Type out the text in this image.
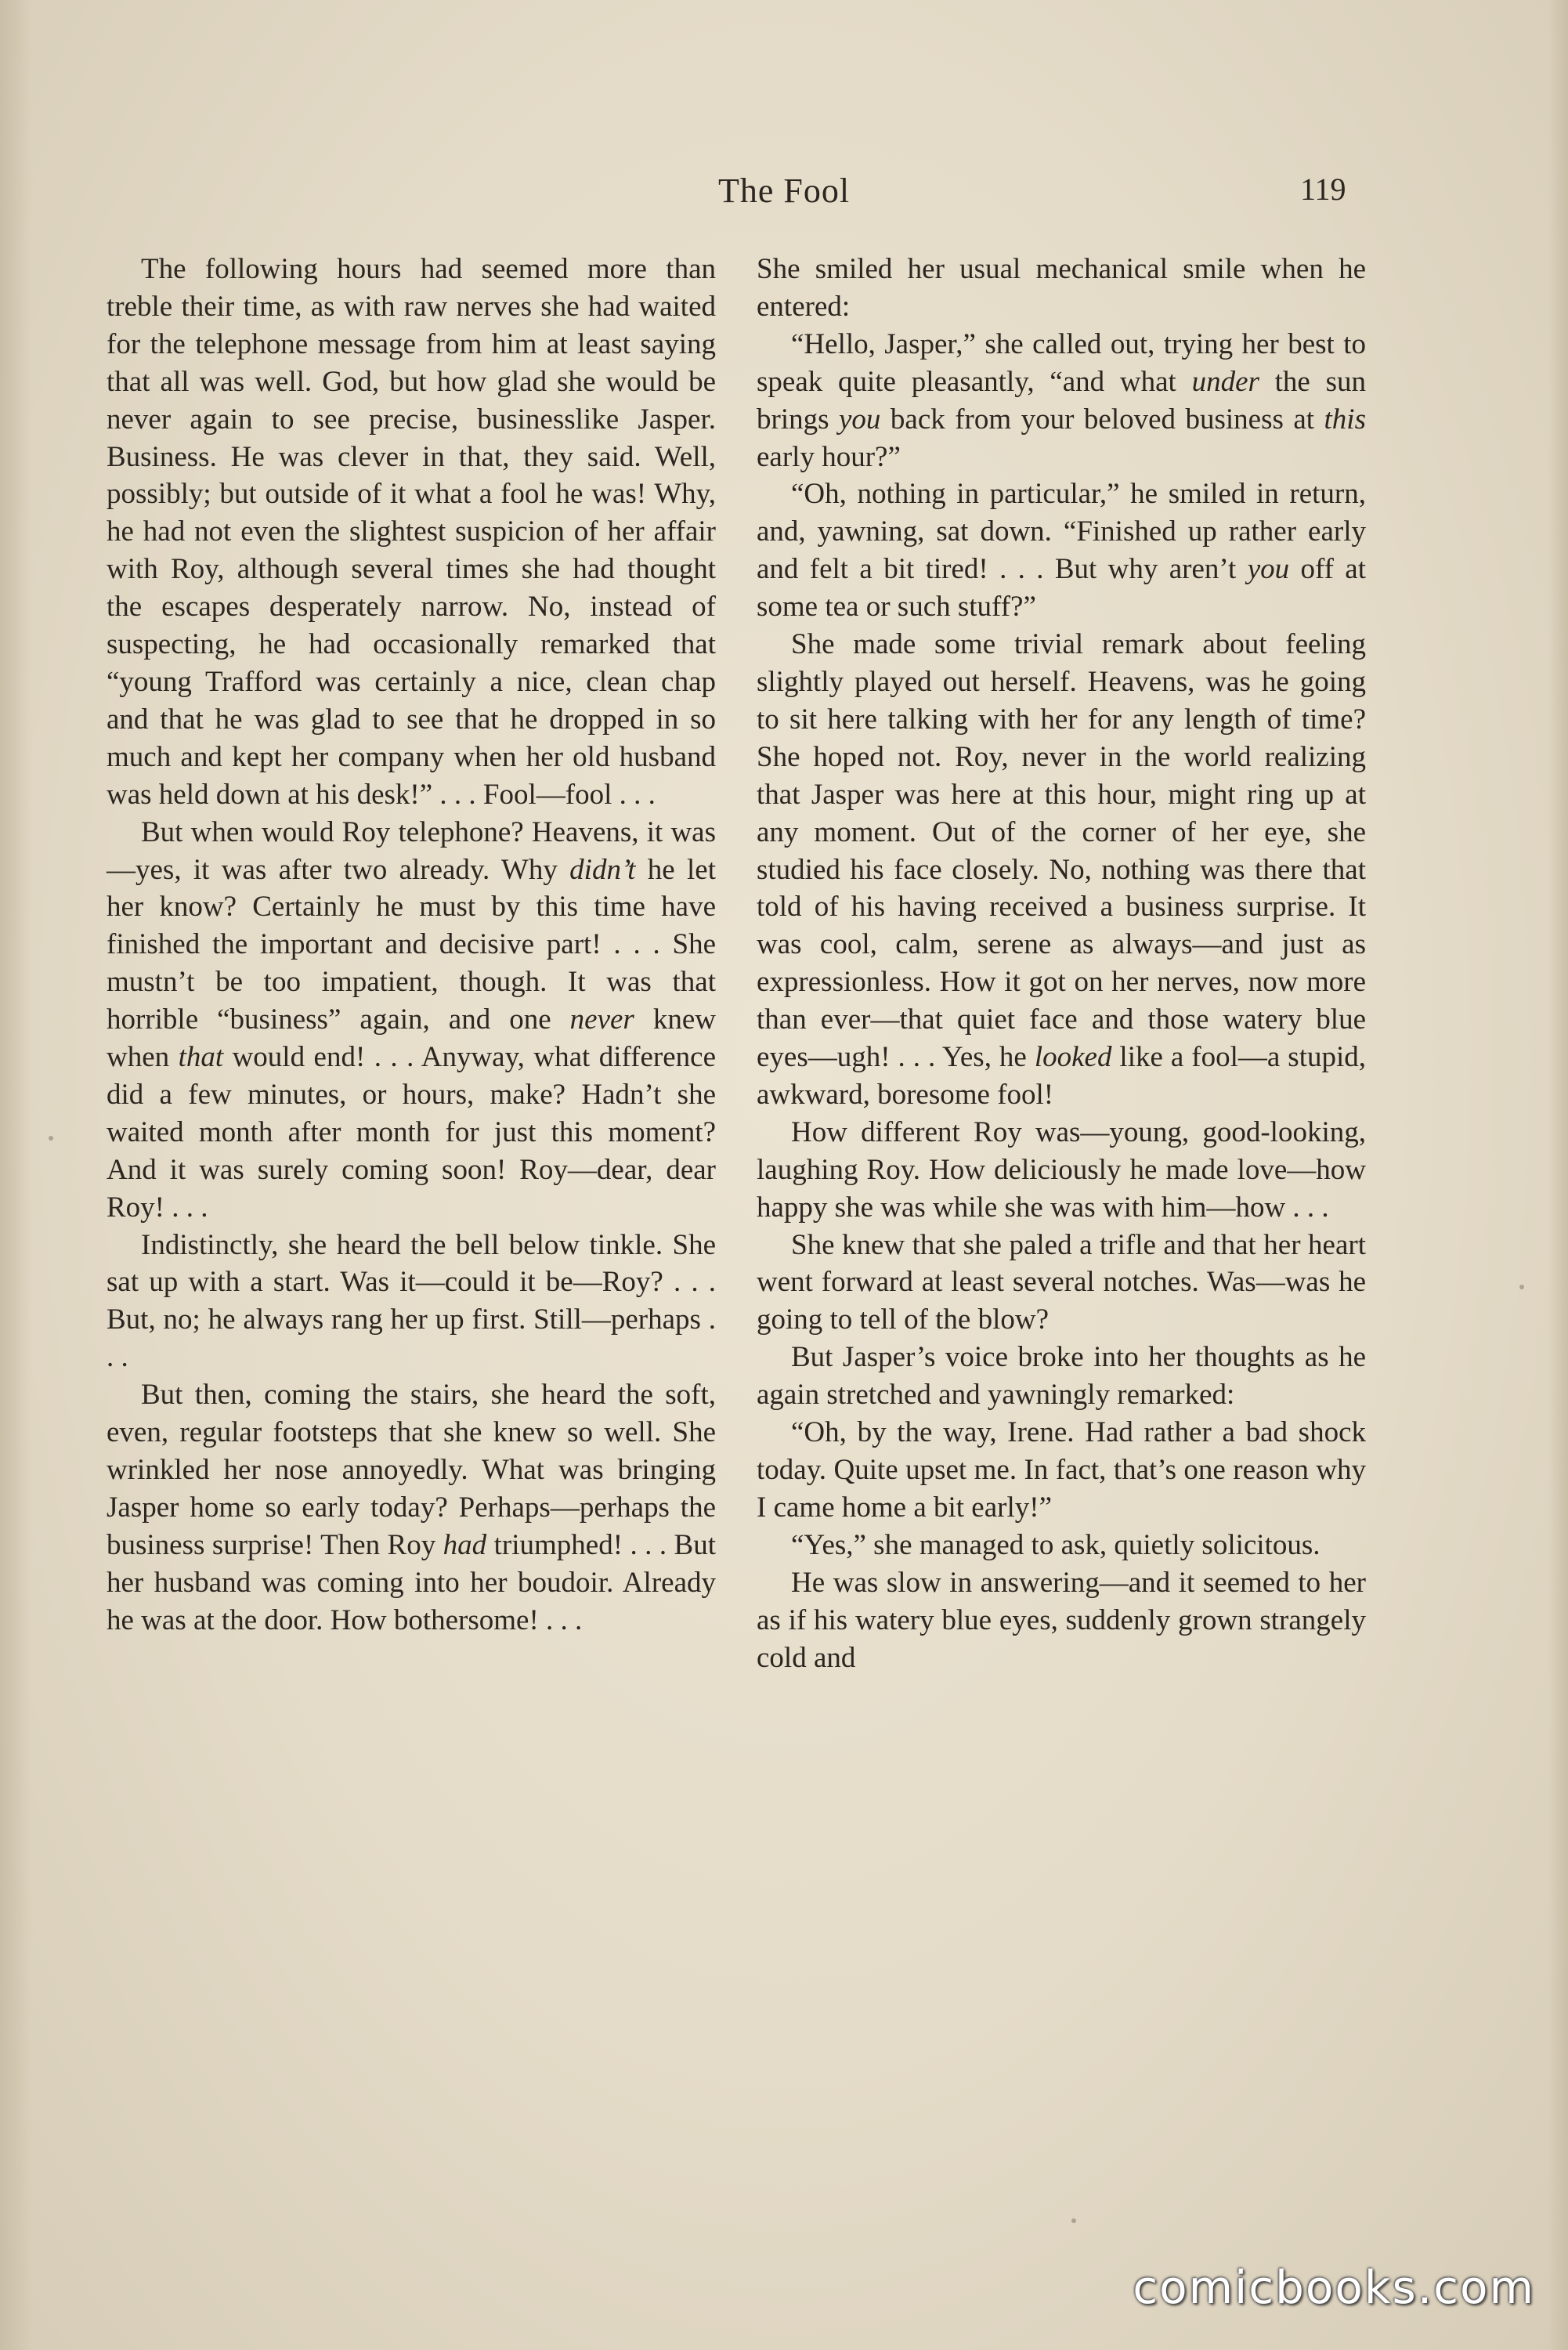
The Fool	119

The following hours had seemed more than treble their time, as with raw nerves she had waited for the telephone message from him at least saying that all was well. God, but how glad she would be never again to see precise, businesslike Jasper. Business. He was clever in that, they said. Well, possibly; but outside of it what a fool he was! Why, he had not even the slightest suspicion of her affair with Roy, although several times she had thought the escapes desperately narrow. No, instead of suspecting, he had occasionally remarked that “young Trafford was certainly a nice, clean chap and that he was glad to see that he dropped in so much and kept her company when her old husband was held down at his desk!” . . . Fool—fool . . .

But when would Roy telephone? Heavens, it was—yes, it was after two already. Why didn’t he let her know? Certainly he must by this time have finished the important and decisive part! . . . She mustn’t be too impatient, though. It was that horrible “business” again, and one never knew when that would end! . . . Anyway, what difference did a few minutes, or hours, make? Hadn’t she waited month after month for just this moment? And it was surely coming soon! Roy—dear, dear Roy! . . .

Indistinctly, she heard the bell below tinkle. She sat up with a start. Was it—could it be—Roy? . . . But, no; he always rang her up first. Still—perhaps . . .

But then, coming the stairs, she heard the soft, even, regular footsteps that she knew so well. She wrinkled her nose annoyedly. What was bringing Jasper home so early today? Perhaps—perhaps the business surprise! Then Roy had triumphed! . . . But her husband was coming into her boudoir. Already he was at the door. How bothersome! . . .

She smiled her usual mechanical smile when he entered:

“Hello, Jasper,” she called out, trying her best to speak quite pleasantly, “and what under the sun brings you back from your beloved business at this early hour?”

“Oh, nothing in particular,” he smiled in return, and, yawning, sat down. “Finished up rather early and felt a bit tired! . . . But why aren’t you off at some tea or such stuff?”

She made some trivial remark about feeling slightly played out herself. Heavens, was he going to sit here talking with her for any length of time? She hoped not. Roy, never in the world realizing that Jasper was here at this hour, might ring up at any moment. Out of the corner of her eye, she studied his face closely. No, nothing was there that told of his having received a business surprise. It was cool, calm, serene as always—and just as expressionless. How it got on her nerves, now more than ever—that quiet face and those watery blue eyes—ugh! . . . Yes, he looked like a fool—a stupid, awkward, boresome fool!

How different Roy was—young, good-looking, laughing Roy. How deliciously he made love—how happy she was while she was with him—how . . .

She knew that she paled a trifle and that her heart went forward at least several notches. Was—was he going to tell of the blow?

But Jasper’s voice broke into her thoughts as he again stretched and yawningly remarked:

“Oh, by the way, Irene. Had rather a bad shock today. Quite upset me. In fact, that’s one reason why I came home a bit early!”

“Yes,” she managed to ask, quietly solicitous.

He was slow in answering—and it seemed to her as if his watery blue eyes, suddenly grown strangely cold and

comicbooks.com
